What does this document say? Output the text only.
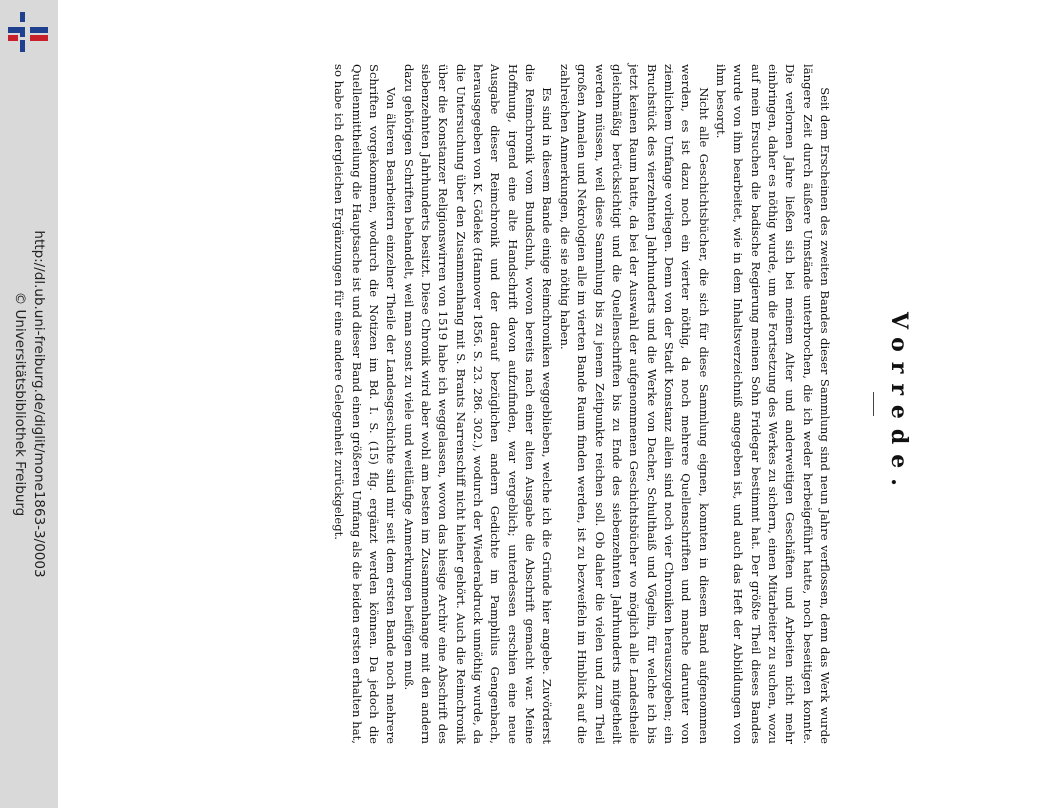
http://dl.ub.uni-freiburg.de/diglit/mone1863-3/0003
© Universitätsbibliothek Freiburg	Vorrede.

Seit dem Erscheinen des zweiten Bandes dieser Sammlung sind neun Jahre verflossen, denn das Werk wurde längere Zeit durch äußere Umstände unterbrochen, die ich weder herbeigeführt hatte, noch beseitigen konnte. Die verlornen Jahre ließen sich bei meinem Alter und anderweitigen Geschäften und Arbeiten nicht mehr einbringen, daher es nöthig wurde, um die Fortsetzung des Werkes zu sichern, einen Mitarbeiter zu suchen, wozu auf mein Ersuchen die badische Regierung meinen Sohn Fridegar bestimmt hat. Der größte Theil dieses Bandes wurde von ihm bearbeitet, wie in dem Inhaltsverzeichniß angegeben ist, und auch das Heft der Abbildungen von ihm besorgt.

Nicht alle Geschichtsbücher, die sich für diese Sammlung eignen, konnten in diesem Band aufgenommen werden, es ist dazu noch ein vierter nöthig, da noch mehrere Quellenschriften und manche darunter von ziemlichem Umfange vorliegen. Denn von der Stadt Konstanz allein sind noch vier Chroniken herauszugeben; ein Bruchstück des vierzehnten Jahrhunderts und die Werke von Dacher, Schulthaiß und Vögelin, für welche ich bis jetzt keinen Raum hatte, da bei der Auswahl der aufgenommenen Geschichtsbücher wo möglich alle Landestheile gleichmäßig berücksichtigt und die Quellenschriften bis zu Ende des siebenzehnten Jahrhunderts mitgetheilt werden müssen, weil diese Sammlung bis zu jenem Zeitpunkte reichen soll. Ob daher die vielen und zum Theil großen Annalen und Nekrologien alle im vierten Bande Raum finden werden, ist zu bezweifeln im Hinblick auf die zahlreichen Anmerkungen, die sie nöthig haben.

Es sind in diesem Bande einige Reimchroniken weggeblieben, welche ich die Gründe hier angebe. Zuvörderst die Reimchronik vom Bundschuh, wovon bereits nach einer alten Ausgabe die Abschrift gemacht war. Meine Hoffnung, irgend eine alte Handschrift davon aufzufinden, war vergeblich; unterdessen erschien eine neue Ausgabe dieser Reimchronik und der darauf bezüglichen andern Gedichte im Pamphilus Gengenbach, herausgegeben von K. Gödeke (Hannover 1856. S. 23. 286. 302.), wodurch der Wiederabdruck unnöthig wurde, da die Untersuchung über den Zusammenhang mit S. Brants Narrenschiff nicht hieher gehört. Auch die Reimchronik über die Konstanzer Religionswirren von 1519 habe ich weggelassen, wovon das hiesige Archiv eine Abschrift des siebenzehnten Jahrhunderts besitzt. Diese Chronik wird aber wohl am besten im Zusammenhange mit den andern dazu gehörigen Schriften behandelt, weil man sonst zu viele und weitläufige Anmerkungen beifügen muß.

Von älteren Bearbeitern einzelner Theile der Landesgeschichte sind mir seit dem ersten Bande noch mehrere Schriften vorgekommen, wodurch die Notizen im Bd. I. S. (15) flg. ergänzt werden können. Da jedoch die Quellenmittheilung die Hauptsache ist und dieser Band einen größeren Umfang als die beiden ersten erhalten hat, so habe ich dergleichen Ergänzungen für eine andere Gelegenheit zurückgelegt.
